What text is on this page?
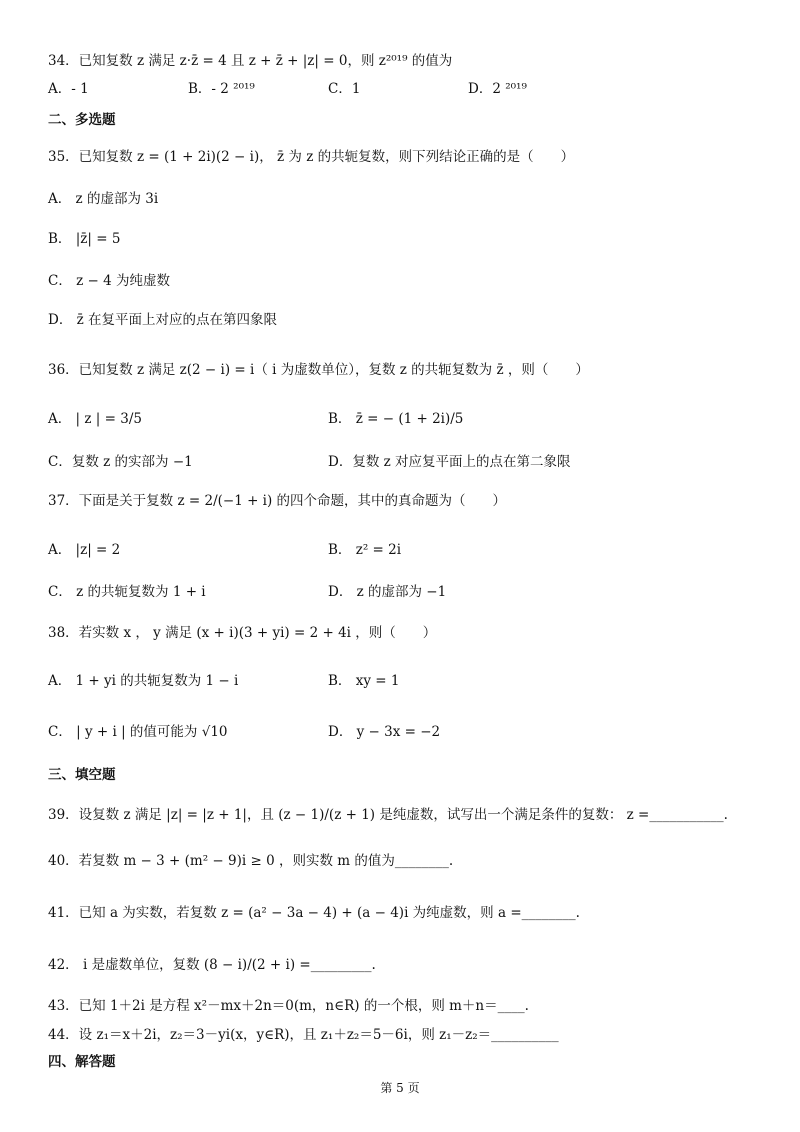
34．已知复数 z 满足 z·z̄ = 4 且 z + z̄ + |z| = 0，则 z²⁰¹⁹ 的值为
A．- 1	B．- 2 ²⁰¹⁹	C．1	D．2 ²⁰¹⁹
二、多选题
35．已知复数 z = (1 + 2i)(2 − i)， z̄ 为 z 的共轭复数，则下列结论正确的是（　　）
A． z 的虚部为 3i
B． |z̄| = 5
C． z − 4 为纯虚数
D． z̄ 在复平面上对应的点在第四象限
36．已知复数 z 满足 z(2 − i) = i（ i 为虚数单位），复数 z 的共轭复数为 z̄ ，则（　　）
A． | z | = 3/5	B． z̄ = − (1 + 2i)/5
C．复数 z 的实部为 −1	D．复数 z 对应复平面上的点在第二象限
37．下面是关于复数 z = 2/(−1 + i) 的四个命题，其中的真命题为（　　）
A． |z| = 2	B． z² = 2i
C． z 的共轭复数为 1 + i	D． z 的虚部为 −1
38．若实数 x ， y 满足 (x + i)(3 + yi) = 2 + 4i ，则（　　）
A． 1 + yi 的共轭复数为 1 − i	B． xy = 1
C． | y + i | 的值可能为 √10	D． y − 3x = −2
三、填空题
39．设复数 z 满足 |z| = |z + 1|，且 (z − 1)/(z + 1) 是纯虚数，试写出一个满足条件的复数： z =___________.
40．若复数 m − 3 + (m² − 9)i ≥ 0 ，则实数 m 的值为________.
41．已知 a 为实数，若复数 z = (a² − 3a − 4) + (a − 4)i 为纯虚数，则 a =________.
42． i 是虚数单位，复数 (8 − i)/(2 + i) =_________.
43．已知 1＋2i 是方程 x²－mx＋2n＝0(m，n∈R) 的一个根，则 m＋n＝____.
44．设 z₁＝x＋2i，z₂＝3－yi(x，y∈R)，且 z₁＋z₂＝5－6i，则 z₁－z₂＝__________
四、解答题
第 5 页
